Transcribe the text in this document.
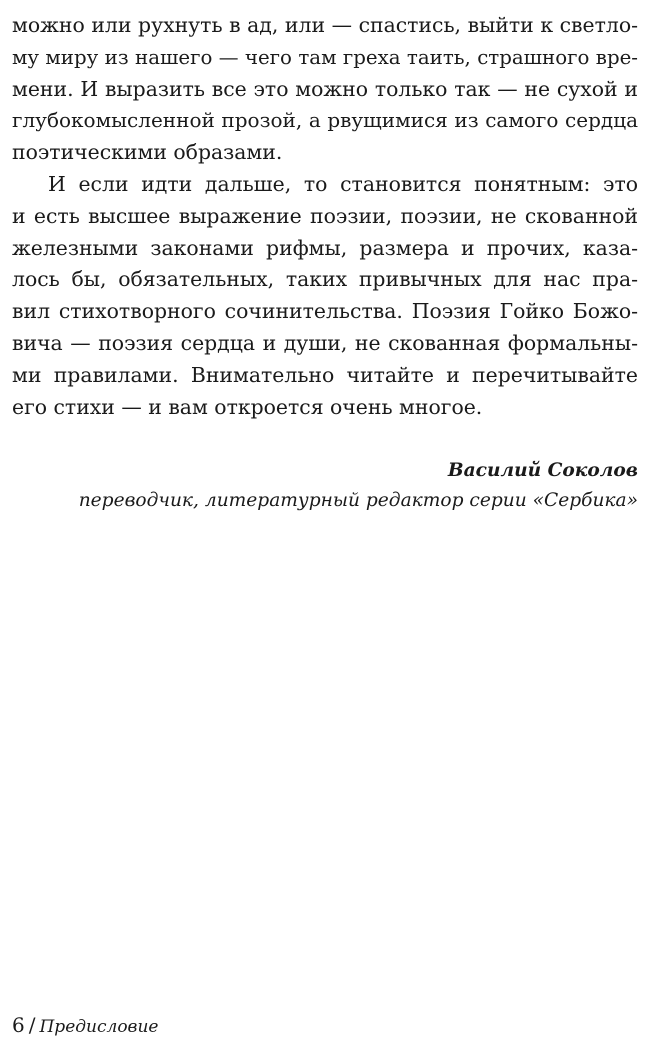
можно или рухнуть в ад, или — спастись, выйти к светло-
му миру из нашего — чего там греха таить, страшного вре-
мени. И выразить все это можно только так — не сухой и
глубокомысленной прозой, а рвущимися из самого сердца
поэтическими образами.
И если идти дальше, то становится понятным: это
и есть высшее выражение поэзии, поэзии, не скованной
железными законами рифмы, размера и прочих, каза-
лось бы, обязательных, таких привычных для нас пра-
вил стихотворного сочинительства. Поэзия Гойко Божо-
вича — поэзия сердца и души, не скованная формальны-
ми правилами. Внимательно читайте и перечитывайте
его стихи — и вам откроется очень многое.
Василий Соколов
переводчик, литературный редактор серии «Сербика»
6 / Предисловие
